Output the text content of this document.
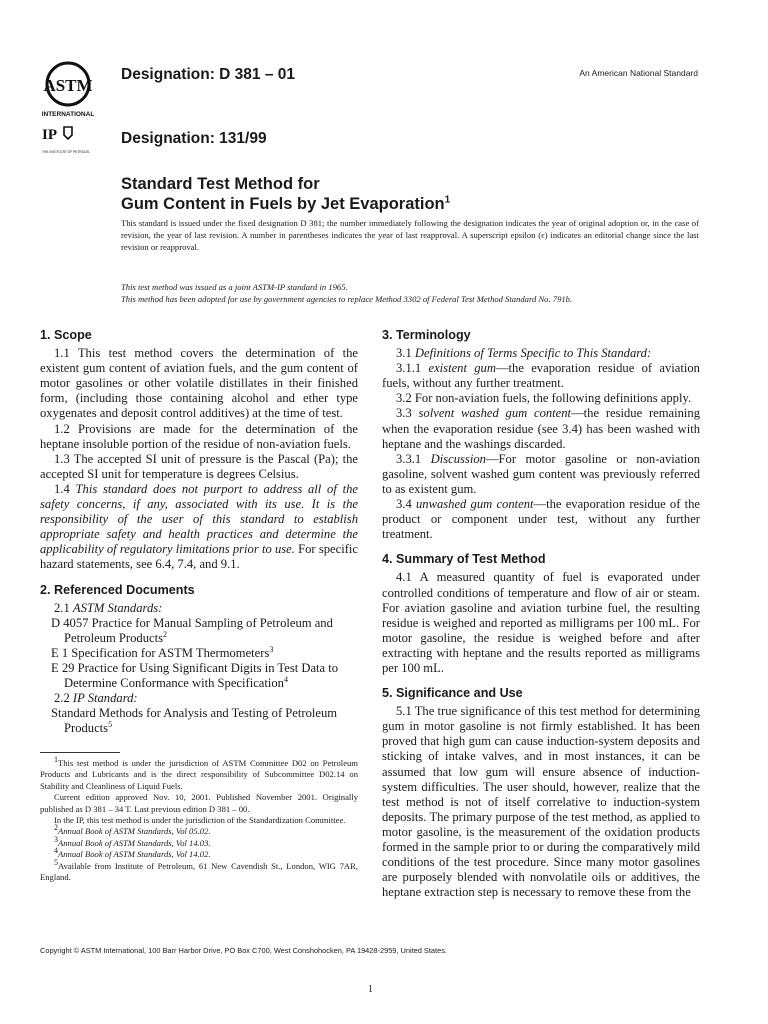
ASTM
INTERNATIONAL
IP
THE INSTITUTE OF PETROLEUM
Designation: D 381 – 01
Designation: 131/99
An American National Standard
Standard Test Method for
Gum Content in Fuels by Jet Evaporation$^1$
This standard is issued under the fixed designation D 381; the number immediately following the designation indicates the year of original adoption or, in the case of revision, the year of last revision. A number in parentheses indicates the year of last reapproval. A superscript epsilon (ε) indicates an editorial change since the last revision or reapproval.
This test method was issued as a joint ASTM-IP standard in 1965.
This method has been adopted for use by government agencies to replace Method 3302 of Federal Test Method Standard No. 791b.
1. Scope

1.1 This test method covers the determination of the existent gum content of aviation fuels, and the gum content of motor gasolines or other volatile distillates in their finished form, (including those containing alcohol and ether type oxygenates and deposit control additives) at the time of test.

1.2 Provisions are made for the determination of the heptane insoluble portion of the residue of non-aviation fuels.

1.3 The accepted SI unit of pressure is the Pascal (Pa); the accepted SI unit for temperature is degrees Celsius.

1.4 This standard does not purport to address all of the safety concerns, if any, associated with its use. It is the responsibility of the user of this standard to establish appropriate safety and health practices and determine the applicability of regulatory limitations prior to use. For specific hazard statements, see 6.4, 7.4, and 9.1.

2. Referenced Documents

2.1 ASTM Standards:

D 4057 Practice for Manual Sampling of Petroleum and Petroleum Products$^2$

E 1 Specification for ASTM Thermometers$^3$

E 29 Practice for Using Significant Digits in Test Data to Determine Conformance with Specification$^4$

2.2 IP Standard:

Standard Methods for Analysis and Testing of Petroleum Products$^5$

$^1$This test method is under the jurisdiction of ASTM Committee D02 on Petroleum Products and Lubricants and is the direct responsibility of Subcommittee D02.14 on Stability and Cleanliness of Liquid Fuels.

Current edition approved Nov. 10, 2001. Published November 2001. Originally published as D 381 – 34 T. Last previous edition D 381 – 00.

In the IP, this test method is under the jurisdiction of the Standardization Committee.

$^2$Annual Book of ASTM Standards, Vol 05.02.

$^3$Annual Book of ASTM Standards, Vol 14.03.

$^4$Annual Book of ASTM Standards, Vol 14.02.

$^5$Available from Institute of Petroleum, 61 New Cavendish St., London, WIG 7AR, England.

3. Terminology

3.1 Definitions of Terms Specific to This Standard:

3.1.1 existent gum—the evaporation residue of aviation fuels, without any further treatment.

3.2 For non-aviation fuels, the following definitions apply.

3.3 solvent washed gum content—the residue remaining when the evaporation residue (see 3.4) has been washed with heptane and the washings discarded.

3.3.1 Discussion—For motor gasoline or non-aviation gasoline, solvent washed gum content was previously referred to as existent gum.

3.4 unwashed gum content—the evaporation residue of the product or component under test, without any further treatment.

4. Summary of Test Method

4.1 A measured quantity of fuel is evaporated under controlled conditions of temperature and flow of air or steam. For aviation gasoline and aviation turbine fuel, the resulting residue is weighed and reported as milligrams per 100 mL. For motor gasoline, the residue is weighed before and after extracting with heptane and the results reported as milligrams per 100 mL.

5. Significance and Use

5.1 The true significance of this test method for determining gum in motor gasoline is not firmly established. It has been proved that high gum can cause induction-system deposits and sticking of intake valves, and in most instances, it can be assumed that low gum will ensure absence of induction-system difficulties. The user should, however, realize that the test method is not of itself correlative to induction-system deposits. The primary purpose of the test method, as applied to motor gasoline, is the measurement of the oxidation products formed in the sample prior to or during the comparatively mild conditions of the test procedure. Since many motor gasolines are purposely blended with nonvolatile oils or additives, the heptane extraction step is necessary to remove these from the

Copyright © ASTM International, 100 Barr Harbor Drive, PO Box C700, West Conshohocken, PA 19428-2959, United States.
1
